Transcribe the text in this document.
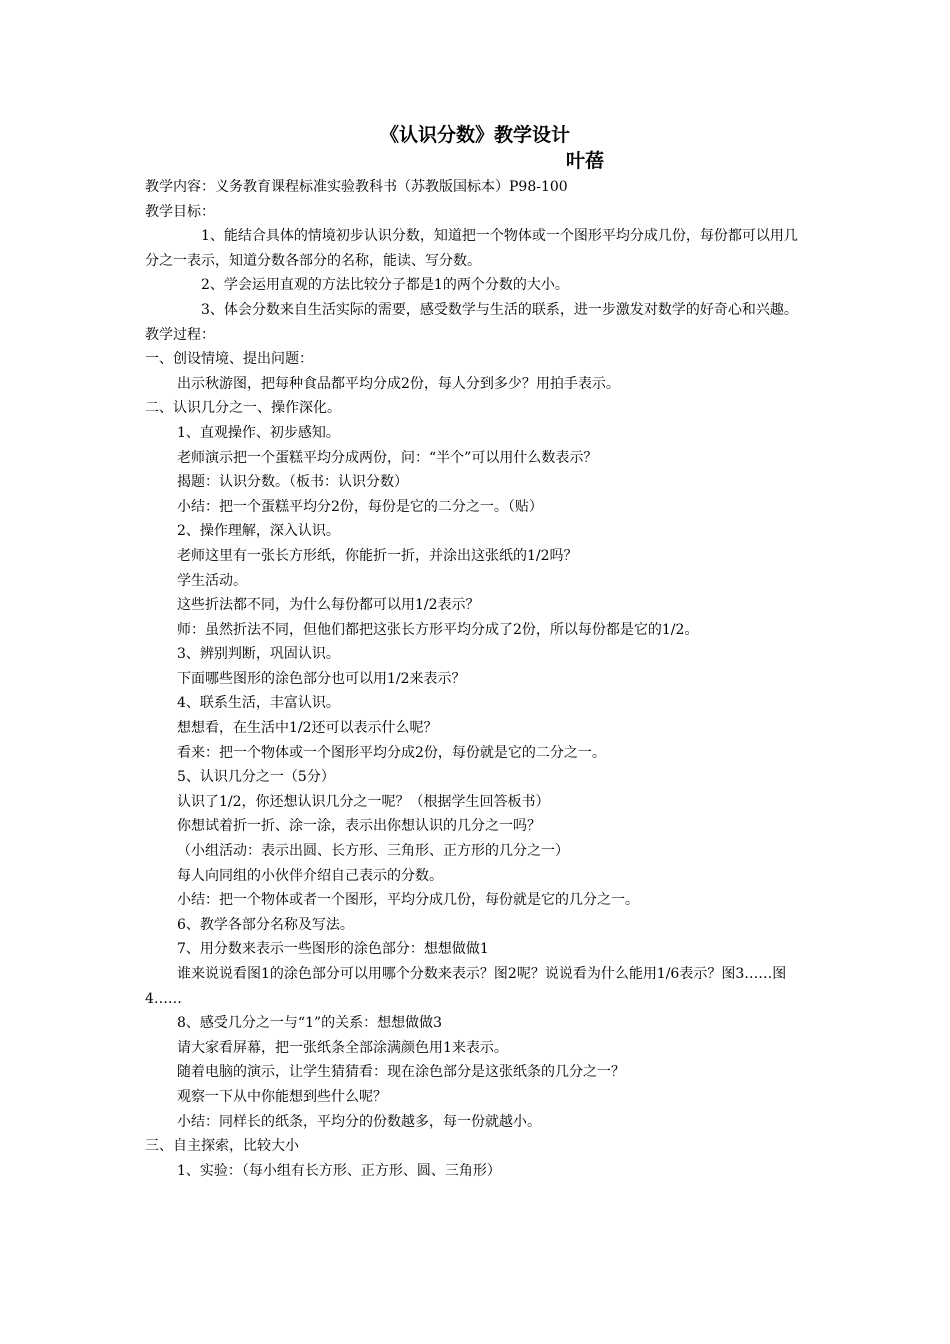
《认识分数》教学设计
叶蓓

教学内容：义务教育课程标准实验教科书（苏教版国标本）P98-100

教学目标：

1、能结合具体的情境初步认识分数，知道把一个物体或一个图形平均分成几份，每份都可以用几分之一表示，知道分数各部分的名称，能读、写分数。

2、学会运用直观的方法比较分子都是1的两个分数的大小。

3、体会分数来自生活实际的需要，感受数学与生活的联系，进一步激发对数学的好奇心和兴趣。

教学过程：

一、创设情境、提出问题：

出示秋游图，把每种食品都平均分成2份，每人分到多少？用拍手表示。

二、认识几分之一、操作深化。

1、直观操作、初步感知。

老师演示把一个蛋糕平均分成两份，问：“半个”可以用什么数表示？

揭题：认识分数。（板书：认识分数）

小结：把一个蛋糕平均分2份，每份是它的二分之一。（贴）

2、操作理解，深入认识。

老师这里有一张长方形纸，你能折一折，并涂出这张纸的1/2吗？

学生活动。

这些折法都不同，为什么每份都可以用1/2表示？

师：虽然折法不同，但他们都把这张长方形平均分成了2份，所以每份都是它的1/2。

3、辨别判断，巩固认识。

下面哪些图形的涂色部分也可以用1/2来表示？

4、联系生活，丰富认识。

想想看，在生活中1/2还可以表示什么呢？

看来：把一个物体或一个图形平均分成2份，每份就是它的二分之一。

5、认识几分之一（5分）

认识了1/2，你还想认识几分之一呢？（根据学生回答板书）

你想试着折一折、涂一涂，表示出你想认识的几分之一吗？

（小组活动：表示出圆、长方形、三角形、正方形的几分之一）

每人向同组的小伙伴介绍自己表示的分数。

小结：把一个物体或者一个图形，平均分成几份，每份就是它的几分之一。

6、教学各部分名称及写法。

7、用分数来表示一些图形的涂色部分：想想做做1

谁来说说看图1的涂色部分可以用哪个分数来表示？图2呢？说说看为什么能用1/6表示？图3……图4……

8、感受几分之一与“1”的关系：想想做做3

请大家看屏幕，把一张纸条全部涂满颜色用1来表示。

随着电脑的演示，让学生猜猜看：现在涂色部分是这张纸条的几分之一？

观察一下从中你能想到些什么呢？

小结：同样长的纸条，平均分的份数越多，每一份就越小。

三、自主探索，比较大小

1、实验：（每小组有长方形、正方形、圆、三角形）
